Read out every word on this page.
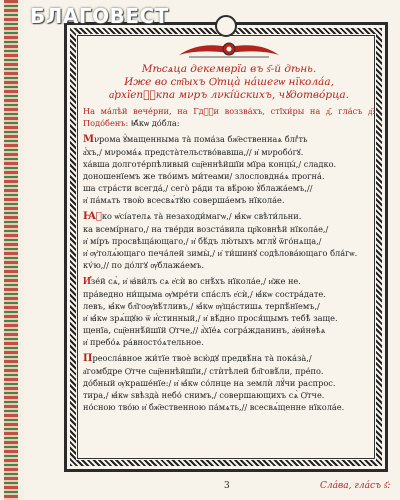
БЛАГОВЕСТ
Мѣсѧца декемврїа въ ѕ҃-й дѣнь.
Иже во ст҃ыхъ Ѻ҆тца̀ на́шегѡ нїкола́а,
а҆рхїепⷭ҇кпа мνръ лνкі́йскихъ, чꙋдотво́рца.

На ма́лѣй вече́рни, на Гдⷭ҇и воззва́хъ, стїхи́ры на д҃, гла́съ д҃: Подо́бенъ: Ꙗ҆́кѡ до́бла:

Мνрома ꙋ҆мащенныма та̀ пома́за бж҃ественнаѧ блгⷣть
а҆́хъ,/ мνрома́ѧ предста̀тельство́вавша,// и҆ мνробо́гꙋ.
ха́вша долготе́рпѣливый сщ҃еннѣйшїи мїра концы́,/ сладко.
доношенїемъ же тво́имъ ми́теами/ злословдна́ѧ прогна́.
ша стра́сти всегда́,/ сего̀ ра́ди та вѣ́рою ꙋ҆блажа́емъ,//
и҆ па́мѧть твою̀ всесвѧ́тꙋю соверша́емъ нїкола́е.

Ꙗ҆ко ѡ҆сі́ателѧ та̀ незаходи́магѡ,/ ꙗ҆́кѡ свѣти́льни.
ка всемі́рнаго,/ на тве́рди возста́вила цр҃ковнѣй нїкола́е,/
и҆ мі́ръ просвѣща́ющаго,/ и҆ бѣ́дъ лю́тыхъ мглꙋ̀ ѿго́нѧща,/
и҆ ѹ҆толѧ́ющаго печа́лей зимы̀,/ и҆ ти́шинꙋ содѣлова́ющаго бла́гѡ.
кѵ́ю,// по до́лгꙋ ѹ҆блажа́емъ.

И҆зе́й сѧ̀, и҆ ꙗ҆ви́лъ сѧ е҆сѝ во снѣ́хъ нїкола́е,/ и҆же не.
пра́ведно ни́щыма ѹ҆мре́ти спа́слъ е҆сѝ,/ ꙗ҆́кѡ состра́дате.
левъ, ꙗ҆́кѡ бл҃гоѹ҆вѣ́тливъ,/ ꙗ҆́кѡ ѹ҆ща́стишѧ терпѣ́нїемъ,/
и҆ ꙗ҆́кѡ зрѧ́щꙋю ѿ и҆́стинный,/ и҆ вѣ́дно прося́щымъ тебѣ̀ заще.
щенїа, сщ҃еннѣ́йшїй Ѻ҆тче,// а҆̀хїе́ѧ согра́жданинъ, а҆ѳи́нѳѣѧ
и҆ пребо́ѧ ра́вносто́ѧтельное.

Преосла́вное жи́тїе твоѐ всю́дꙋ предвѣ́на та̀ пока́за̀,/
а҆гомбдре Ѻ҆тче сщ҃еннѣйшїи,/ стѝтѣлей бл҃говѣ́ли, пре́по.
до́бный ѹ҆краше́нїе:/ и҆ ꙗ҆́кѡ со́лнце на землѝ лꙋ́чи распрос.
тира,/ ꙗ҆́кѡ ѕвѣзда̀ небо́ снимъ,/ совершающихъ сѧ̀ Ѻ҆тче.
но́сною тво́ю и҆ бж҃ественною па́мѧть,// всесвѧ́щенне нїкола́е.

3	Сла́ва, гла́съ ѕ҃:
